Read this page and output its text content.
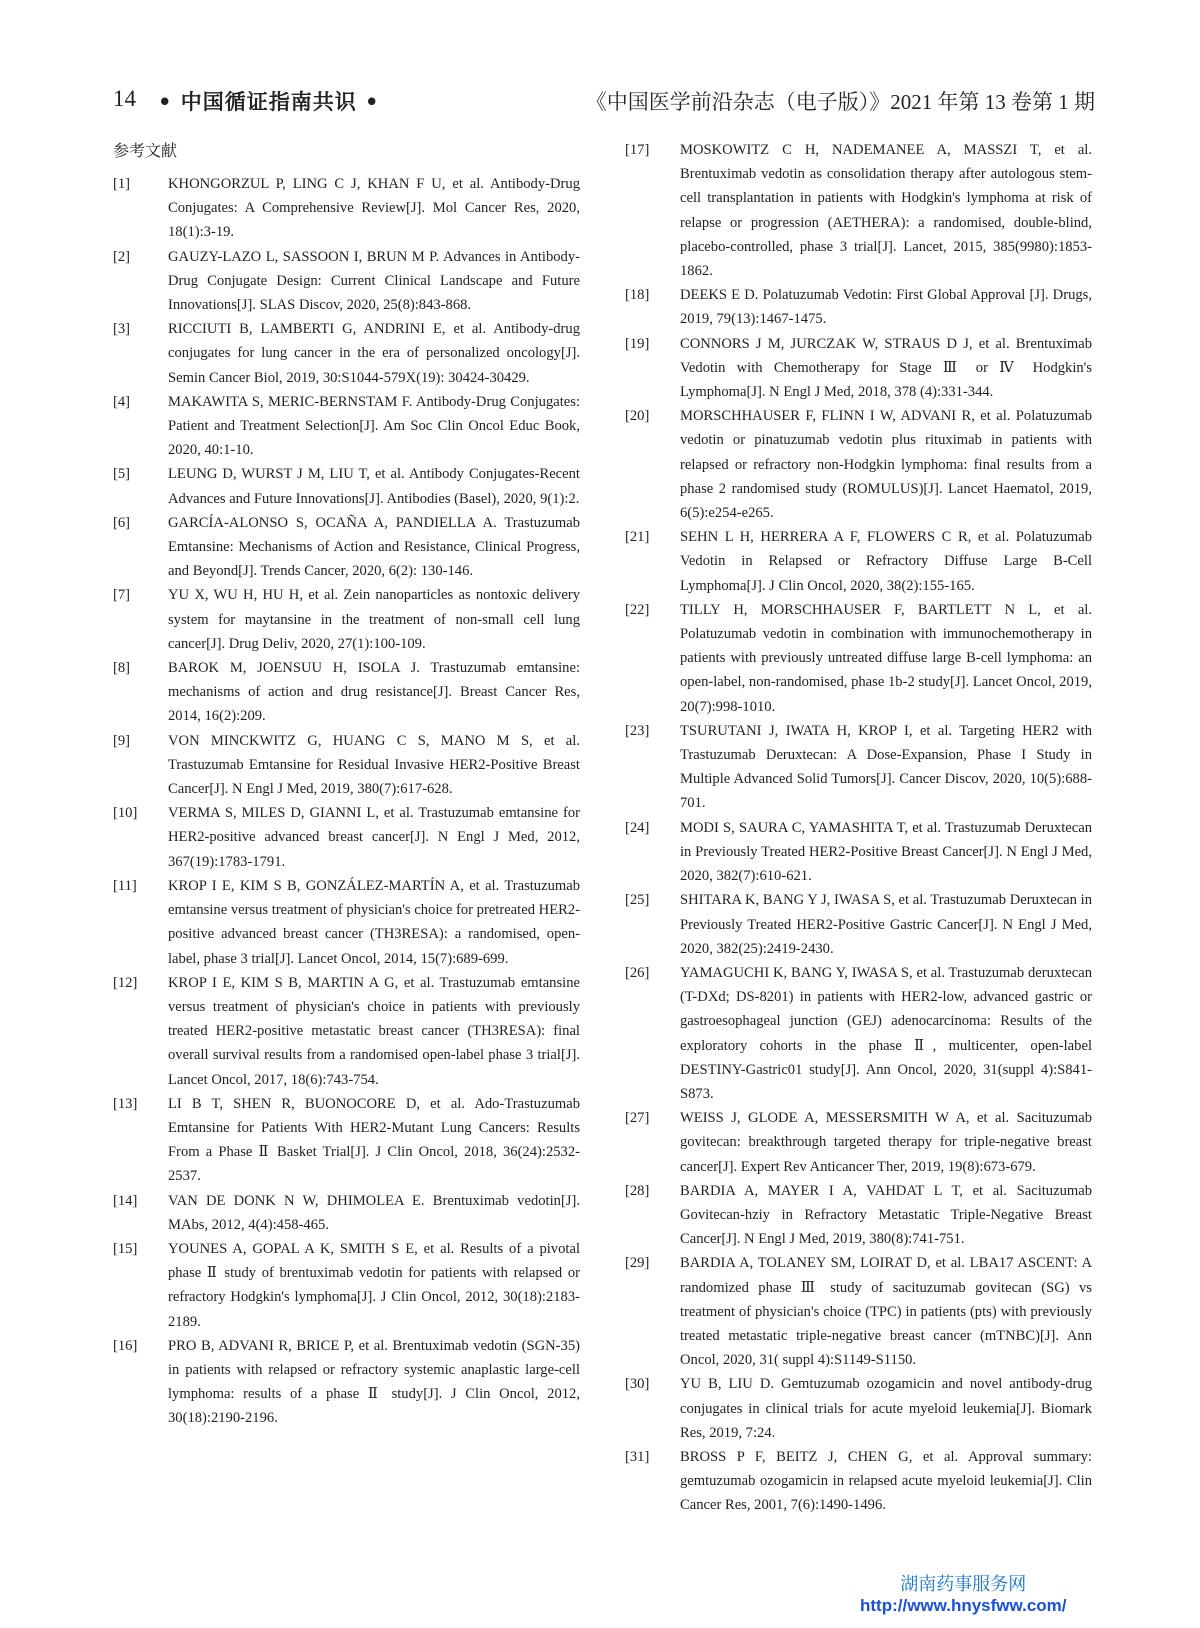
14 • 中国循证指南共识 •	《中国医学前沿杂志（电子版）》2021 年第 13 卷第 1 期
参考文献
[1]	KHONGORZUL P, LING C J, KHAN F U, et al. Antibody-Drug Conjugates: A Comprehensive Review[J]. Mol Cancer Res, 2020, 18(1):3-19.
[2]	GAUZY-LAZO L, SASSOON I, BRUN M P. Advances in Antibody-Drug Conjugate Design: Current Clinical Landscape and Future Innovations[J]. SLAS Discov, 2020, 25(8):843-868.
[3]	RICCIUTI B, LAMBERTI G, ANDRINI E, et al. Antibody-drug conjugates for lung cancer in the era of personalized oncology[J]. Semin Cancer Biol, 2019, 30:S1044-579X(19): 30424-30429.
[4]	MAKAWITA S, MERIC-BERNSTAM F. Antibody-Drug Conjugates: Patient and Treatment Selection[J]. Am Soc Clin Oncol Educ Book, 2020, 40:1-10.
[5]	LEUNG D, WURST J M, LIU T, et al. Antibody Conjugates-Recent Advances and Future Innovations[J]. Antibodies (Basel), 2020, 9(1):2.
[6]	GARCÍA-ALONSO S, OCAÑA A, PANDIELLA A. Trastuzumab Emtansine: Mechanisms of Action and Resistance, Clinical Progress, and Beyond[J]. Trends Cancer, 2020, 6(2): 130-146.
[7]	YU X, WU H, HU H, et al. Zein nanoparticles as nontoxic delivery system for maytansine in the treatment of non-small cell lung cancer[J]. Drug Deliv, 2020, 27(1):100-109.
[8]	BAROK M, JOENSUU H, ISOLA J. Trastuzumab emtansine: mechanisms of action and drug resistance[J]. Breast Cancer Res, 2014, 16(2):209.
[9]	VON MINCKWITZ G, HUANG C S, MANO M S, et al. Trastuzumab Emtansine for Residual Invasive HER2-Positive Breast Cancer[J]. N Engl J Med, 2019, 380(7):617-628.
[10] VERMA S, MILES D, GIANNI L, et al. Trastuzumab emtansine for HER2-positive advanced breast cancer[J]. N Engl J Med, 2012, 367(19):1783-1791.
[11] KROP I E, KIM S B, GONZÁLEZ-MARTÍN A, et al. Trastuzumab emtansine versus treatment of physician's choice for pretreated HER2-positive advanced breast cancer (TH3RESA): a randomised, open-label, phase 3 trial[J]. Lancet Oncol, 2014, 15(7):689-699.
[12] KROP I E, KIM S B, MARTIN A G, et al. Trastuzumab emtansine versus treatment of physician's choice in patients with previously treated HER2-positive metastatic breast cancer (TH3RESA): final overall survival results from a randomised open-label phase 3 trial[J]. Lancet Oncol, 2017, 18(6):743-754.
[13] LI B T, SHEN R, BUONOCORE D, et al. Ado-Trastuzumab Emtansine for Patients With HER2-Mutant Lung Cancers: Results From a Phase Ⅱ Basket Trial[J]. J Clin Oncol, 2018, 36(24):2532-2537.
[14] VAN DE DONK N W, DHIMOLEA E. Brentuximab vedotin[J]. MAbs, 2012, 4(4):458-465.
[15] YOUNES A, GOPAL A K, SMITH S E, et al. Results of a pivotal phase Ⅱ study of brentuximab vedotin for patients with relapsed or refractory Hodgkin's lymphoma[J]. J Clin Oncol, 2012, 30(18):2183-2189.
[16] PRO B, ADVANI R, BRICE P, et al. Brentuximab vedotin (SGN-35) in patients with relapsed or refractory systemic anaplastic large-cell lymphoma: results of a phase Ⅱ study[J]. J Clin Oncol, 2012, 30(18):2190-2196.
[17] MOSKOWITZ C H, NADEMANEE A, MASSZI T, et al. Brentuximab vedotin as consolidation therapy after autologous stem-cell transplantation in patients with Hodgkin's lymphoma at risk of relapse or progression (AETHERA): a randomised, double-blind, placebo-controlled, phase 3 trial[J]. Lancet, 2015, 385(9980):1853-1862.
[18] DEEKS E D. Polatuzumab Vedotin: First Global Approval [J]. Drugs, 2019, 79(13):1467-1475.
[19] CONNORS J M, JURCZAK W, STRAUS D J, et al. Brentuximab Vedotin with Chemotherapy for Stage Ⅲ or Ⅳ Hodgkin's Lymphoma[J]. N Engl J Med, 2018, 378 (4):331-344.
[20] MORSCHHAUSER F, FLINN I W, ADVANI R, et al. Polatuzumab vedotin or pinatuzumab vedotin plus rituximab in patients with relapsed or refractory non-Hodgkin lymphoma: final results from a phase 2 randomised study (ROMULUS)[J]. Lancet Haematol, 2019, 6(5):e254-e265.
[21] SEHN L H, HERRERA A F, FLOWERS C R, et al. Polatuzumab Vedotin in Relapsed or Refractory Diffuse Large B-Cell Lymphoma[J]. J Clin Oncol, 2020, 38(2):155-165.
[22] TILLY H, MORSCHHAUSER F, BARTLETT N L, et al. Polatuzumab vedotin in combination with immunochemotherapy in patients with previously untreated diffuse large B-cell lymphoma: an open-label, non-randomised, phase 1b-2 study[J]. Lancet Oncol, 2019, 20(7):998-1010.
[23] TSURUTANI J, IWATA H, KROP I, et al. Targeting HER2 with Trastuzumab Deruxtecan: A Dose-Expansion, Phase I Study in Multiple Advanced Solid Tumors[J]. Cancer Discov, 2020, 10(5):688-701.
[24] MODI S, SAURA C, YAMASHITA T, et al. Trastuzumab Deruxtecan in Previously Treated HER2-Positive Breast Cancer[J]. N Engl J Med, 2020, 382(7):610-621.
[25] SHITARA K, BANG Y J, IWASA S, et al. Trastuzumab Deruxtecan in Previously Treated HER2-Positive Gastric Cancer[J]. N Engl J Med, 2020, 382(25):2419-2430.
[26] YAMAGUCHI K, BANG Y, IWASA S, et al. Trastuzumab deruxtecan (T-DXd; DS-8201) in patients with HER2-low, advanced gastric or gastroesophageal junction (GEJ) adenocarcinoma: Results of the exploratory cohorts in the phase Ⅱ, multicenter, open-label DESTINY-Gastric01 study[J]. Ann Oncol, 2020, 31(suppl 4):S841-S873.
[27] WEISS J, GLODE A, MESSERSMITH W A, et al. Sacituzumab govitecan: breakthrough targeted therapy for triple-negative breast cancer[J]. Expert Rev Anticancer Ther, 2019, 19(8):673-679.
[28] BARDIA A, MAYER I A, VAHDAT L T, et al. Sacituzumab Govitecan-hziy in Refractory Metastatic Triple-Negative Breast Cancer[J]. N Engl J Med, 2019, 380(8):741-751.
[29] BARDIA A, TOLANEY SM, LOIRAT D, et al. LBA17 ASCENT: A randomized phase Ⅲ study of sacituzumab govitecan (SG) vs treatment of physician's choice (TPC) in patients (pts) with previously treated metastatic triple-negative breast cancer (mTNBC)[J]. Ann Oncol, 2020, 31( suppl 4):S1149-S1150.
[30] YU B, LIU D. Gemtuzumab ozogamicin and novel antibody-drug conjugates in clinical trials for acute myeloid leukemia[J]. Biomark Res, 2019, 7:24.
[31] BROSS P F, BEITZ J, CHEN G, et al. Approval summary: gemtuzumab ozogamicin in relapsed acute myeloid leukemia[J]. Clin Cancer Res, 2001, 7(6):1490-1496.
湖南药事服务网
http://www.hnysfww.com/
